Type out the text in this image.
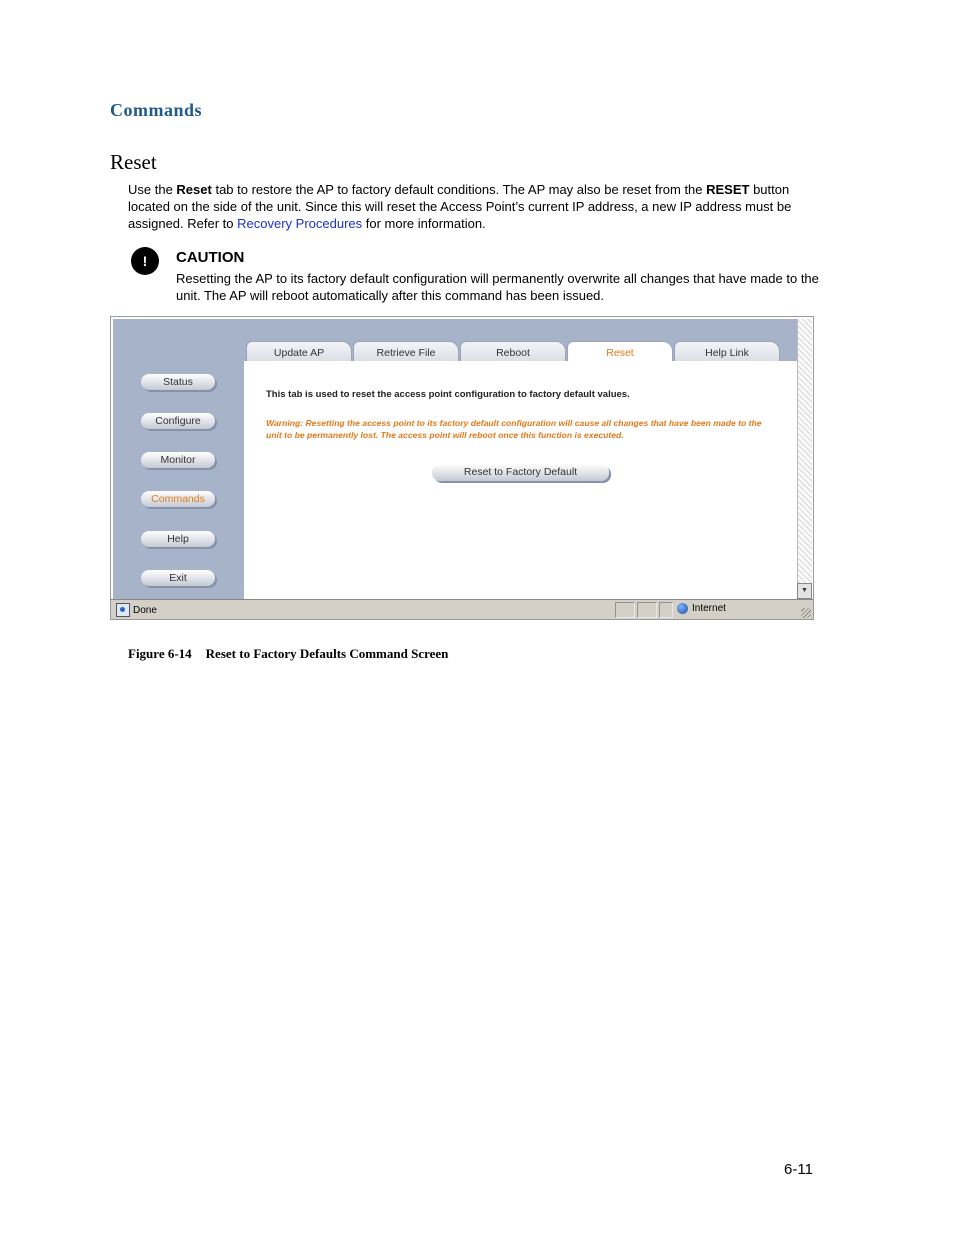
Commands
Reset
Use the Reset tab to restore the AP to factory default conditions. The AP may also be reset from the RESET button located on the side of the unit. Since this will reset the Access Point’s current IP address, a new IP address must be assigned. Refer to Recovery Procedures for more information.
!	CAUTION
Resetting the AP to its factory default configuration will permanently overwrite all changes that have made to the unit. The AP will reboot automatically after this command has been issued.
Status
Configure
Monitor
Commands
Help
Exit
Update AP	Retrieve File	Reboot	Reset	Help Link
This tab is used to reset the access point configuration to factory default values.
Warning: Resetting the access point to its factory default configuration will cause all changes that have been made to the unit to be permanently lost. The access point will reboot once this function is executed.
Reset to Factory Default
▼
Done	Internet
Figure 6-14 Reset to Factory Defaults Command Screen
6-11
